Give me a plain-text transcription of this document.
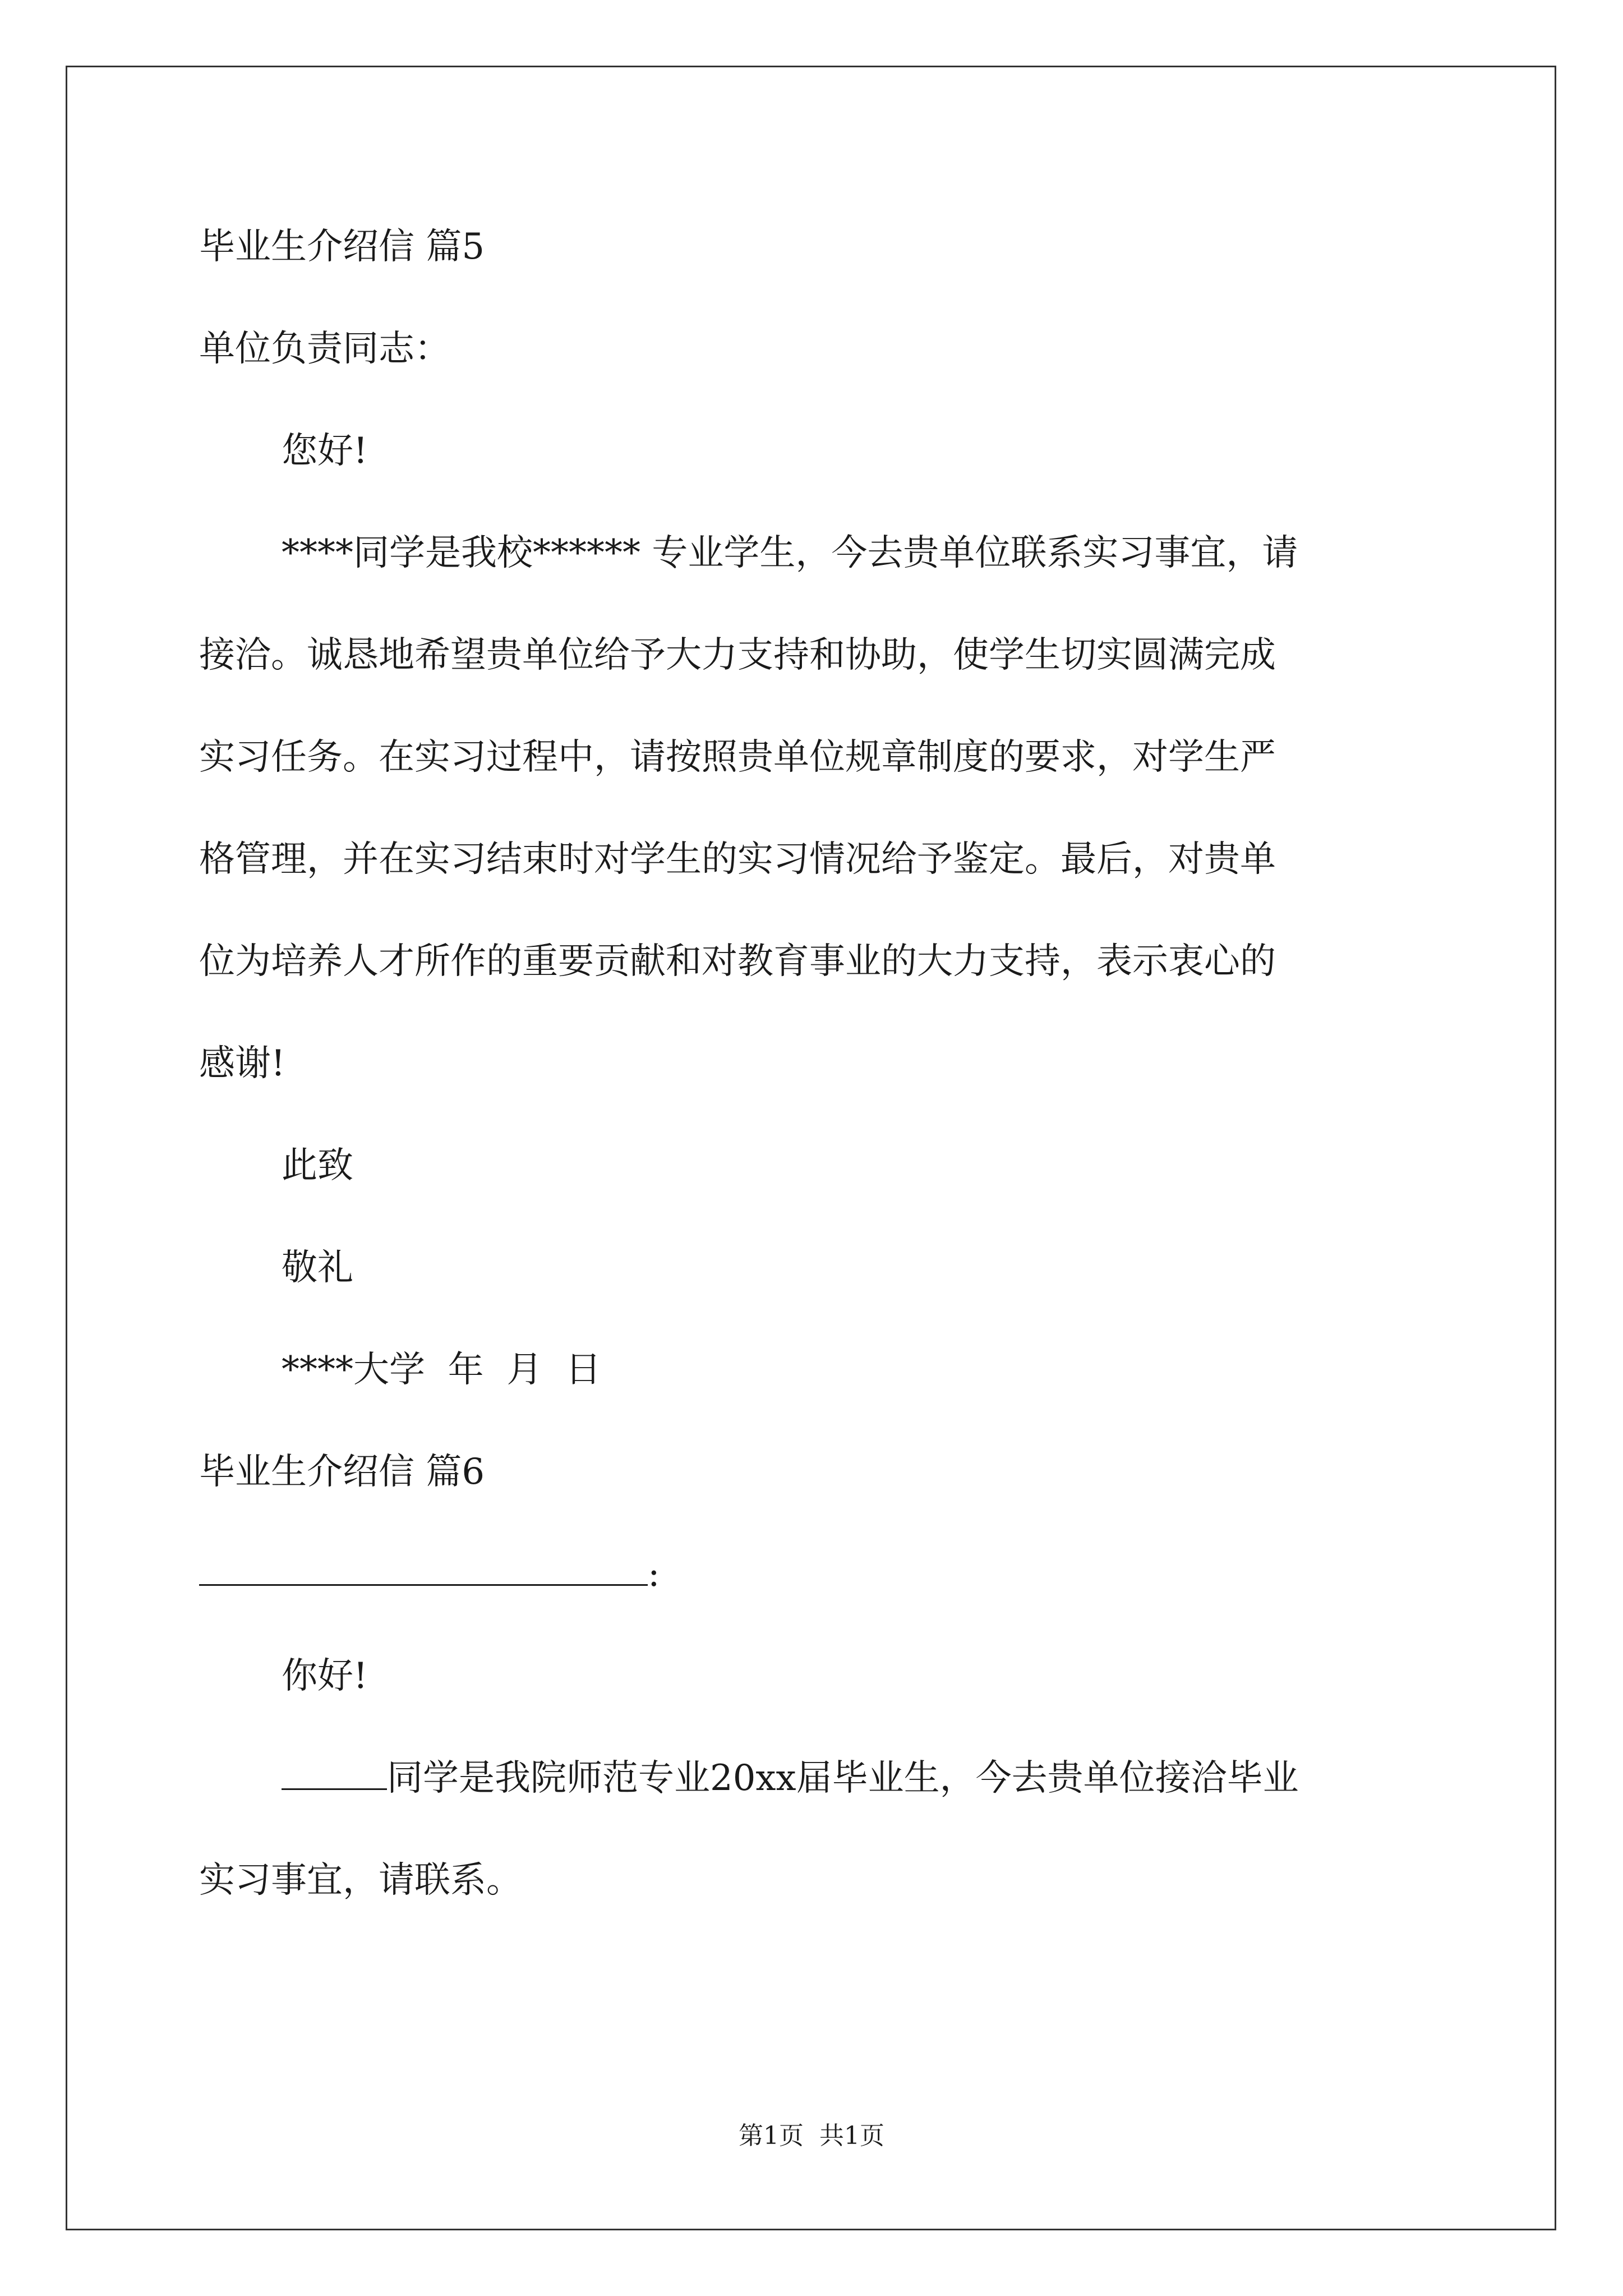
毕业生介绍信 篇5
单位负责同志：
您好!
****同学是我校****** 专业学生，今去贵单位联系实习事宜，请
接洽。诚恳地希望贵单位给予大力支持和协助，使学生切实圆满完成
实习任务。在实习过程中，请按照贵单位规章制度的要求，对学生严
格管理，并在实习结束时对学生的实习情况给予鉴定。最后，对贵单
位为培养人才所作的重要贡献和对教育事业的大力支持，表示衷心的
感谢!
此致
敬礼
****大学  年  月  日
毕业生介绍信 篇6
:
你好!
同学是我院师范专业20xx届毕业生，今去贵单位接洽毕业
实习事宜，请联系。
第1页 共1页
